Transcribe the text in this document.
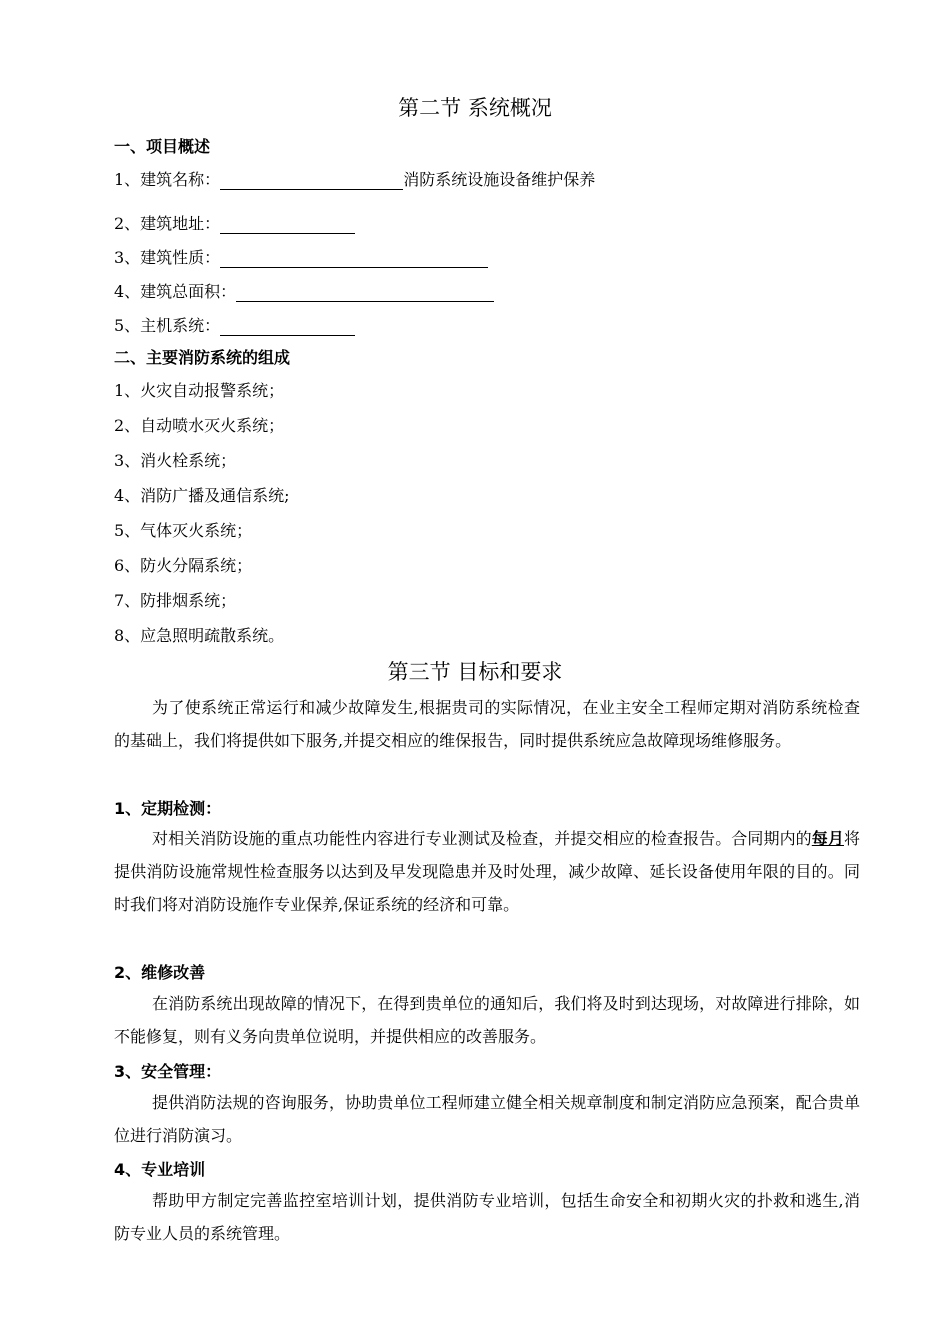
第二节 系统概况

一、项目概述

1、建筑名称：	消防系统设施设备维护保养

2、建筑地址：

3、建筑性质：

4、建筑总面积：

5、主机系统：

二、主要消防系统的组成

1、火灾自动报警系统；
2、自动喷水灭火系统；
3、消火栓系统；
4、消防广播及通信系统;
5、气体灭火系统；
6、防火分隔系统；
7、防排烟系统；
8、应急照明疏散系统。
第三节 目标和要求

为了使系统正常运行和减少故障发生,根据贵司的实际情况，在业主安全工程师定期对消防系统检查的基础上，我们将提供如下服务,并提交相应的维保报告，同时提供系统应急故障现场维修服务。

1、定期检测：

对相关消防设施的重点功能性内容进行专业测试及检查，并提交相应的检查报告。合同期内的每月将提供消防设施常规性检查服务以达到及早发现隐患并及时处理，减少故障、延长设备使用年限的目的。同时我们将对消防设施作专业保养,保证系统的经济和可靠。

2、维修改善

在消防系统出现故障的情况下，在得到贵单位的通知后，我们将及时到达现场，对故障进行排除，如不能修复，则有义务向贵单位说明，并提供相应的改善服务。

3、安全管理：

提供消防法规的咨询服务，协助贵单位工程师建立健全相关规章制度和制定消防应急预案，配合贵单位进行消防演习。

4、专业培训

帮助甲方制定完善监控室培训计划，提供消防专业培训，包括生命安全和初期火灾的扑救和逃生,消防专业人员的系统管理。
